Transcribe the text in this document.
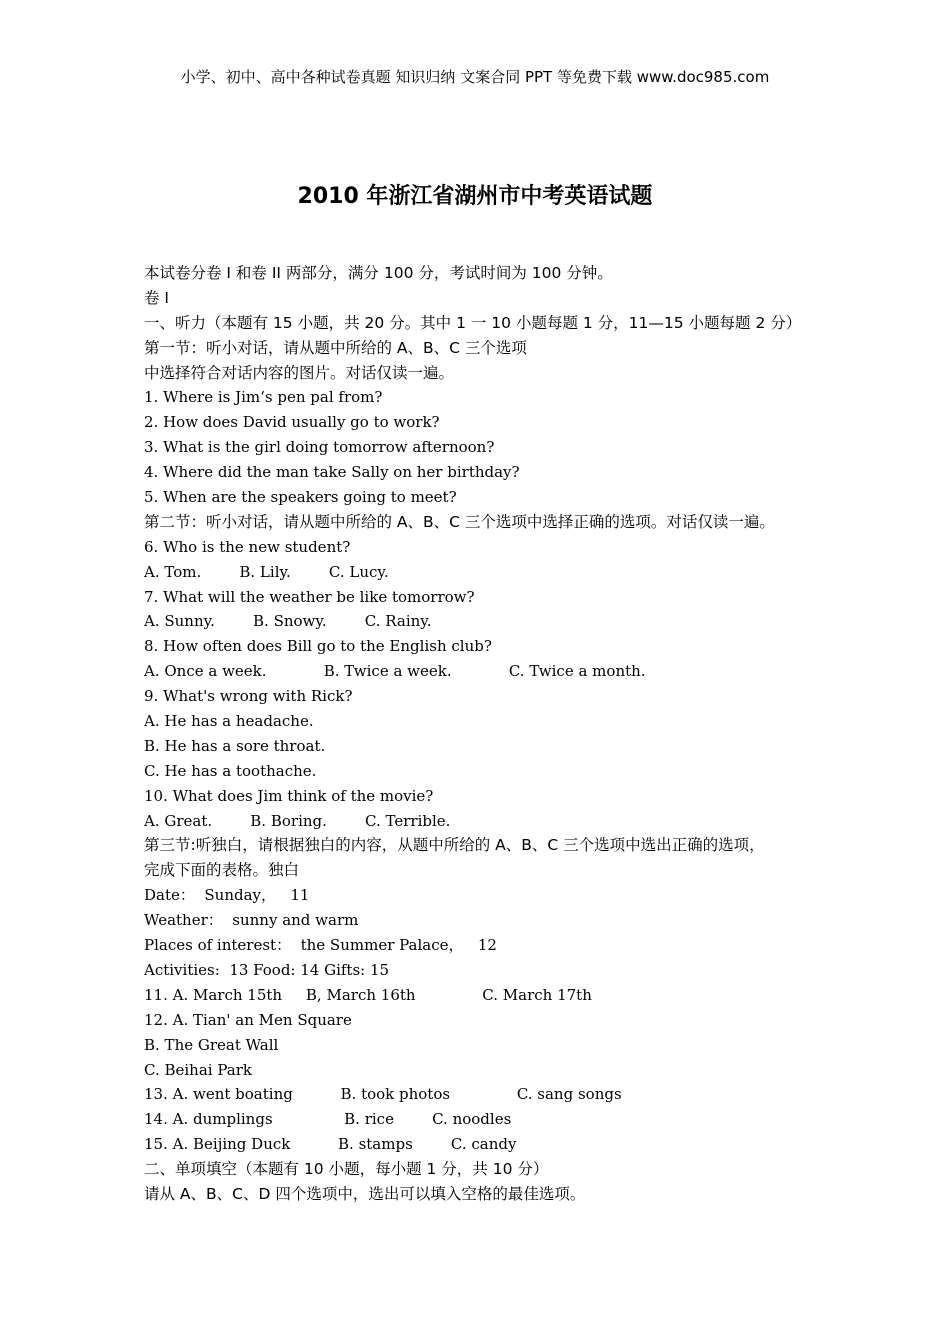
小学、初中、高中各种试卷真题 知识归纳 文案合同 PPT 等免费下载 www.doc985.com
2010 年浙江省湖州市中考英语试题
本试卷分卷 I 和卷 II 两部分，满分 100 分，考试时间为 100 分钟。
卷 I
一、听力（本题有 15 小题，共 20 分。其中 1 一 10 小题每题 1 分，11—15 小题每题 2 分）
第一节：听小对话，请从题中所给的 A、B、C 三个选项
中选择符合对话内容的图片。对话仅读一遍。
1. Where is Jim‘s pen pal from?
2. How does David usually go to work?
3. What is the girl doing tomorrow afternoon?
4. Where did the man take Sally on her birthday?
5. When are the speakers going to meet?
第二节：听小对话，请从题中所给的 A、B、C 三个选项中选择正确的选项。对话仅读一遍。
6. Who is the new student?
A. Tom.        B. Lily.        C. Lucy.
7. What will the weather be like tomorrow?
A. Sunny.        B. Snowy.        C. Rainy.
8. How often does Bill go to the English club?
A. Once a week.            B. Twice a week.            C. Twice a month.
9. What's wrong with Rick?
A. He has a headache.
B. He has a sore throat.
C. He has a toothache.
10. What does Jim think of the movie?
A. Great.        B. Boring.        C. Terrible.
第三节:听独白，请根据独白的内容，从题中所给的 A、B、C 三个选项中选出正确的选项，
完成下面的表格。独白
Date：  Sunday，   11
Weather：  sunny and warm
Places of interest：  the Summer Palace，   12
Activities:  13 Food: 14 Gifts: 15
11. A. March 15th     B, March 16th              C. March 17th
12. A. Tian' an Men Square
B. The Great Wall
C. Beihai Park
13. A. went boating          B. took photos              C. sang songs
14. A. dumplings               B. rice        C. noodles
15. A. Beijing Duck          B. stamps        C. candy
二、单项填空（本题有 10 小题，每小题 1 分，共 10 分）
请从 A、B、C、D 四个选项中，选出可以填入空格的最佳选项。
